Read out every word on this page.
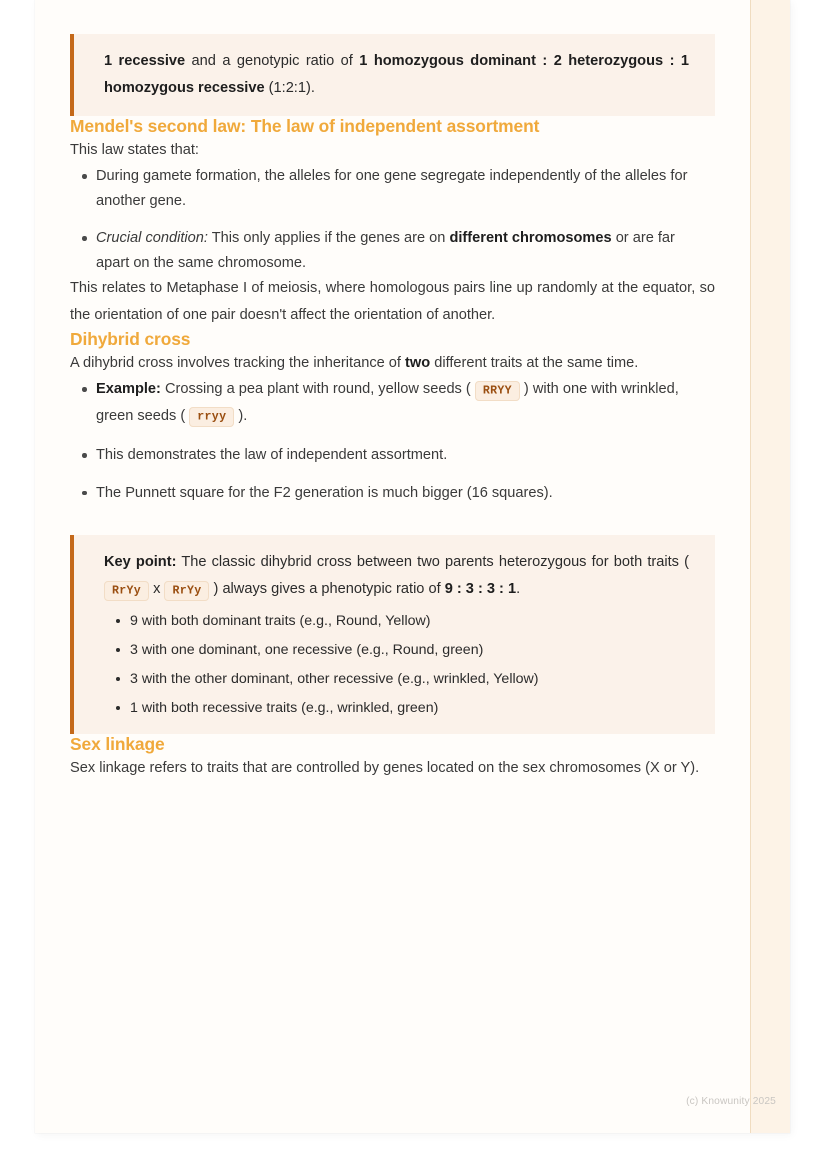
1 recessive and a genotypic ratio of 1 homozygous dominant : 2 heterozygous : 1 homozygous recessive (1:2:1).

Mendel's second law: The law of independent assortment

This law states that:

During gamete formation, the alleles for one gene segregate independently of the alleles for another gene.
Crucial condition: This only applies if the genes are on different chromosomes or are far apart on the same chromosome.

This relates to Metaphase I of meiosis, where homologous pairs line up randomly at the equator, so the orientation of one pair doesn't affect the orientation of another.

Dihybrid cross

A dihybrid cross involves tracking the inheritance of two different traits at the same time.

Example: Crossing a pea plant with round, yellow seeds ( RRYY ) with one with wrinkled, green seeds ( rryy ).
This demonstrates the law of independent assortment.
The Punnett square for the F2 generation is much bigger (16 squares).

Key point: The classic dihybrid cross between two parents heterozygous for both traits ( RrYy x RrYy ) always gives a phenotypic ratio of 9 : 3 : 3 : 1.

9 with both dominant traits (e.g., Round, Yellow)
3 with one dominant, one recessive (e.g., Round, green)
3 with the other dominant, other recessive (e.g., wrinkled, Yellow)
1 with both recessive traits (e.g., wrinkled, green)
Sex linkage

Sex linkage refers to traits that are controlled by genes located on the sex chromosomes (X or Y).

(c) Knowunity 2025
